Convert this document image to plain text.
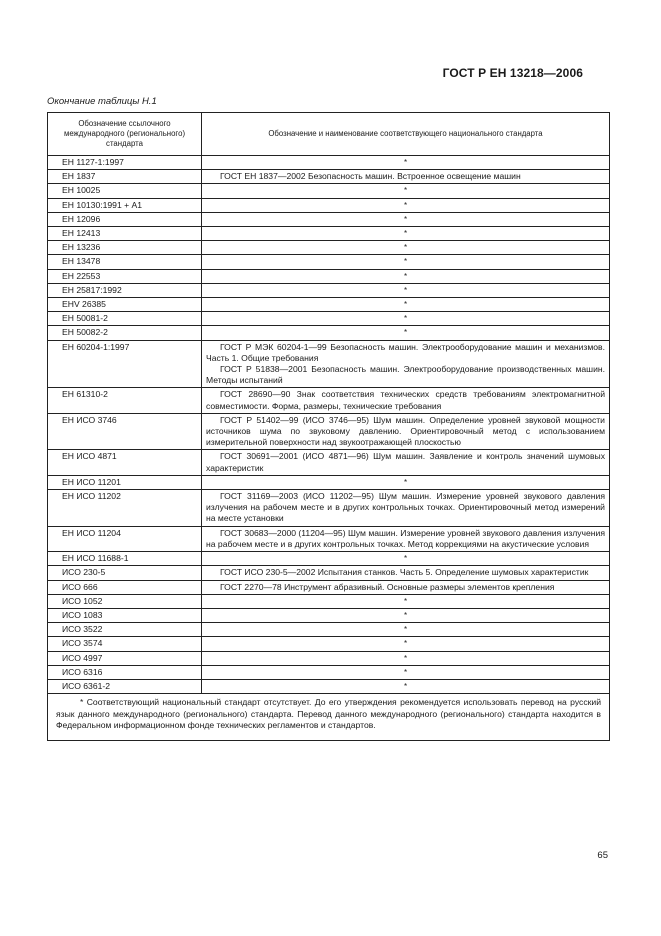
ГОСТ Р ЕН 13218—2006
Окончание таблицы Н.1
Обозначение ссылочного международного (регионального) стандарта	Обозначение и наименование соответствующего национального стандарта
ЕН 1127-1:1997	*
ЕН 1837	ГОСТ ЕН 1837—2002 Безопасность машин. Встроенное освещение машин

ЕН 10025	*
ЕН 10130:1991 + A1	*
ЕН 12096	*
ЕН 12413	*
ЕН 13236	*
ЕН 13478	*
ЕН 22553	*
ЕН 25817:1992	*
EHV 26385	*
ЕН 50081-2	*
ЕН 50082-2	*
ЕН 60204-1:1997	ГОСТ Р МЭК 60204-1—99 Безопасность машин. Электрооборудование машин и механизмов. Часть 1. Общие требования
ГОСТ Р 51838—2001 Безопасность машин. Электрооборудование производственных машин. Методы испытаний

ЕН 61310-2	ГОСТ 28690—90 Знак соответствия технических средств требованиям электромагнитной совместимости. Форма, размеры, технические требования

ЕН ИСО 3746	ГОСТ Р 51402—99 (ИСО 3746—95) Шум машин. Определение уровней звуковой мощности источников шума по звуковому давлению. Ориентировочный метод с использованием измерительной поверхности над звукоотражающей плоскостью

ЕН ИСО 4871	ГОСТ 30691—2001 (ИСО 4871—96) Шум машин. Заявление и контроль значений шумовых характеристик

ЕН ИСО 11201	*
ЕН ИСО 11202	ГОСТ 31169—2003 (ИСО 11202—95) Шум машин. Измерение уровней звукового давления излучения на рабочем месте и в других контрольных точках. Ориентировочный метод измерений на месте установки

ЕН ИСО 11204	ГОСТ 30683—2000 (11204—95) Шум машин. Измерение уровней звукового давления излучения на рабочем месте и в других контрольных точках. Метод коррекциями на акустические условия

ЕН ИСО 11688-1	*
ИСО 230-5	ГОСТ ИСО 230-5—2002 Испытания станков. Часть 5. Определение шумовых характеристик

ИСО 666	ГОСТ 2270—78 Инструмент абразивный. Основные размеры элементов крепления

ИСО 1052	*
ИСО 1083	*
ИСО 3522	*
ИСО 3574	*
ИСО 4997	*
ИСО 6316	*
ИСО 6361-2	*
* Соответствующий национальный стандарт отсутствует. До его утверждения рекомендуется использовать перевод на русский язык данного международного (регионального) стандарта. Перевод данного международного (регионального) стандарта находится в Федеральном информационном фонде технических регламентов и стандартов.	
65
